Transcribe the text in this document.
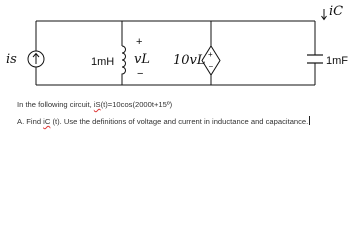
is	1mH
+
vL
−
+
−
10vL	1mF
iC
In the following circuit, iS(t)=10cos(2000t+15º)
A. Find iC (t). Use the definitions of voltage and current in inductance and capacitance.
